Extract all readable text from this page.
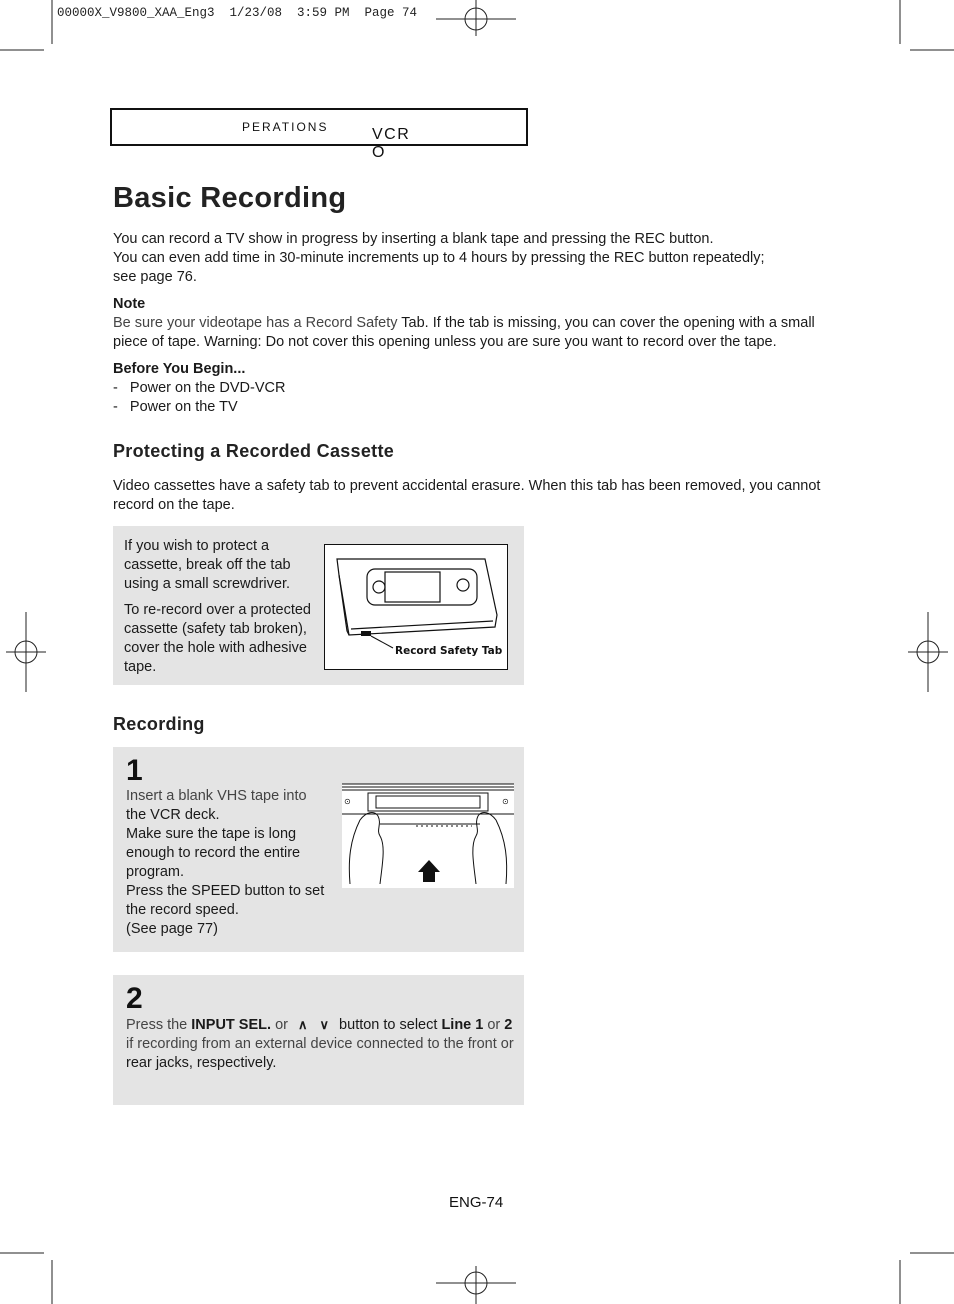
00000X_V9800_XAA_Eng3  1/23/08  3:59 PM  Page 74
VCR O
PERATIONS
Basic Recording
You can record a TV show in progress by inserting a blank tape and pressing the REC button.
You can even add time in 30-minute increments up to 4 hours by pressing the REC button repeatedly;
see page 76.
Note
Be sure your videotape has a Record Safety Tab. If the tab is missing, you can cover the opening with a small
piece of tape. Warning: Do not cover this opening unless you are sure you want to record over the tape.
Before You Begin...
-   Power on the DVD-VCR
-   Power on the TV
Protecting a Recorded Cassette
Video cassettes have a safety tab to prevent accidental erasure. When this tab has been removed, you cannot
record on the tape.
If you wish to protect a
cassette, break off the tab
using a small screwdriver.
To re-record over a protected
cassette (safety tab broken),
cover the hole with adhesive
tape.
Record Safety Tab
Recording
1
Insert a blank VHS tape into
the VCR deck.
Make sure the tape is long
enough to record the entire
program.
Press the SPEED button to set
the record speed.
(See page 77)
⊙	⊙
2
Press the INPUT SEL. or ∧ ∨ button to select Line 1 or 2
if recording from an external device connected to the front or
rear jacks, respectively.
ENG-74
